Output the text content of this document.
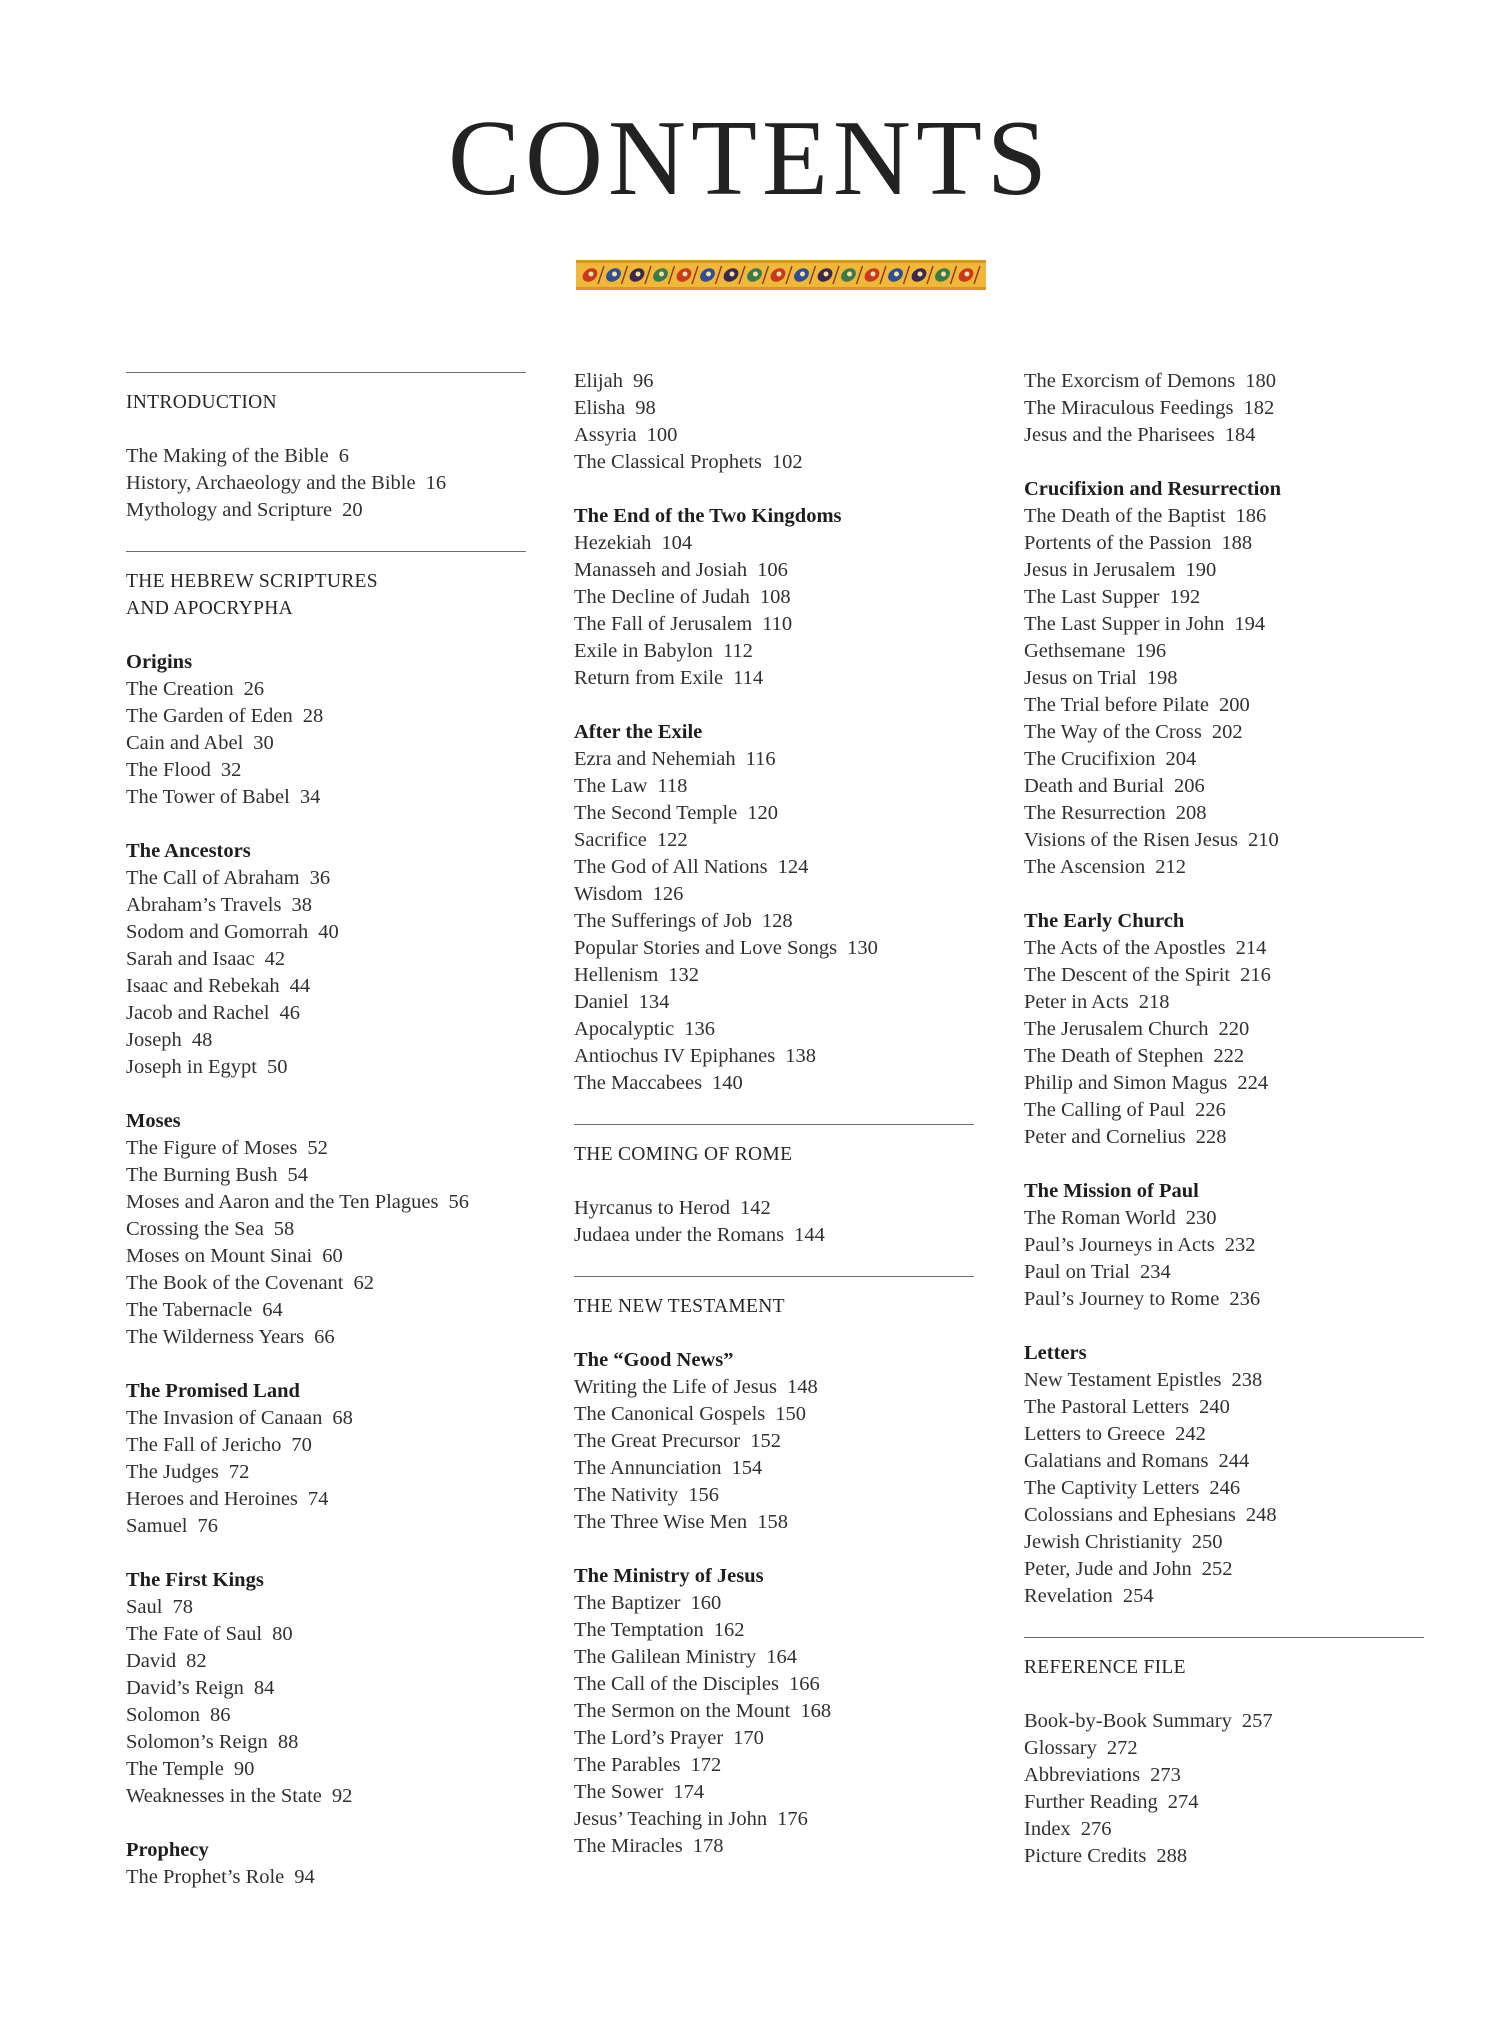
CONTENTS
INTRODUCTION
The Making of the Bible 6
History, Archaeology and the Bible 16
Mythology and Scripture 20
THE HEBREW SCRIPTURES
AND APOCRYPHA
Origins
The Creation 26
The Garden of Eden 28
Cain and Abel 30
The Flood 32
The Tower of Babel 34
The Ancestors
The Call of Abraham 36
Abraham’s Travels 38
Sodom and Gomorrah 40
Sarah and Isaac 42
Isaac and Rebekah 44
Jacob and Rachel 46
Joseph 48
Joseph in Egypt 50
Moses
The Figure of Moses 52
The Burning Bush 54
Moses and Aaron and the Ten Plagues 56
Crossing the Sea 58
Moses on Mount Sinai 60
The Book of the Covenant 62
The Tabernacle 64
The Wilderness Years 66
The Promised Land
The Invasion of Canaan 68
The Fall of Jericho 70
The Judges 72
Heroes and Heroines 74
Samuel 76
The First Kings
Saul 78
The Fate of Saul 80
David 82
David’s Reign 84
Solomon 86
Solomon’s Reign 88
The Temple 90
Weaknesses in the State 92
Prophecy
The Prophet’s Role 94
Elijah 96
Elisha 98
Assyria 100
The Classical Prophets 102
The End of the Two Kingdoms
Hezekiah 104
Manasseh and Josiah 106
The Decline of Judah 108
The Fall of Jerusalem 110
Exile in Babylon 112
Return from Exile 114
After the Exile
Ezra and Nehemiah 116
The Law 118
The Second Temple 120
Sacrifice 122
The God of All Nations 124
Wisdom 126
The Sufferings of Job 128
Popular Stories and Love Songs 130
Hellenism 132
Daniel 134
Apocalyptic 136
Antiochus IV Epiphanes 138
The Maccabees 140
THE COMING OF ROME
Hyrcanus to Herod 142
Judaea under the Romans 144
THE NEW TESTAMENT
The “Good News”
Writing the Life of Jesus 148
The Canonical Gospels 150
The Great Precursor 152
The Annunciation 154
The Nativity 156
The Three Wise Men 158
The Ministry of Jesus
The Baptizer 160
The Temptation 162
The Galilean Ministry 164
The Call of the Disciples 166
The Sermon on the Mount 168
The Lord’s Prayer 170
The Parables 172
The Sower 174
Jesus’ Teaching in John 176
The Miracles 178
The Exorcism of Demons 180
The Miraculous Feedings 182
Jesus and the Pharisees 184
Crucifixion and Resurrection
The Death of the Baptist 186
Portents of the Passion 188
Jesus in Jerusalem 190
The Last Supper 192
The Last Supper in John 194
Gethsemane 196
Jesus on Trial 198
The Trial before Pilate 200
The Way of the Cross 202
The Crucifixion 204
Death and Burial 206
The Resurrection 208
Visions of the Risen Jesus 210
The Ascension 212
The Early Church
The Acts of the Apostles 214
The Descent of the Spirit 216
Peter in Acts 218
The Jerusalem Church 220
The Death of Stephen 222
Philip and Simon Magus 224
The Calling of Paul 226
Peter and Cornelius 228
The Mission of Paul
The Roman World 230
Paul’s Journeys in Acts 232
Paul on Trial 234
Paul’s Journey to Rome 236
Letters
New Testament Epistles 238
The Pastoral Letters 240
Letters to Greece 242
Galatians and Romans 244
The Captivity Letters 246
Colossians and Ephesians 248
Jewish Christianity 250
Peter, Jude and John 252
Revelation 254
REFERENCE FILE
Book-by-Book Summary 257
Glossary 272
Abbreviations 273
Further Reading 274
Index 276
Picture Credits 288
